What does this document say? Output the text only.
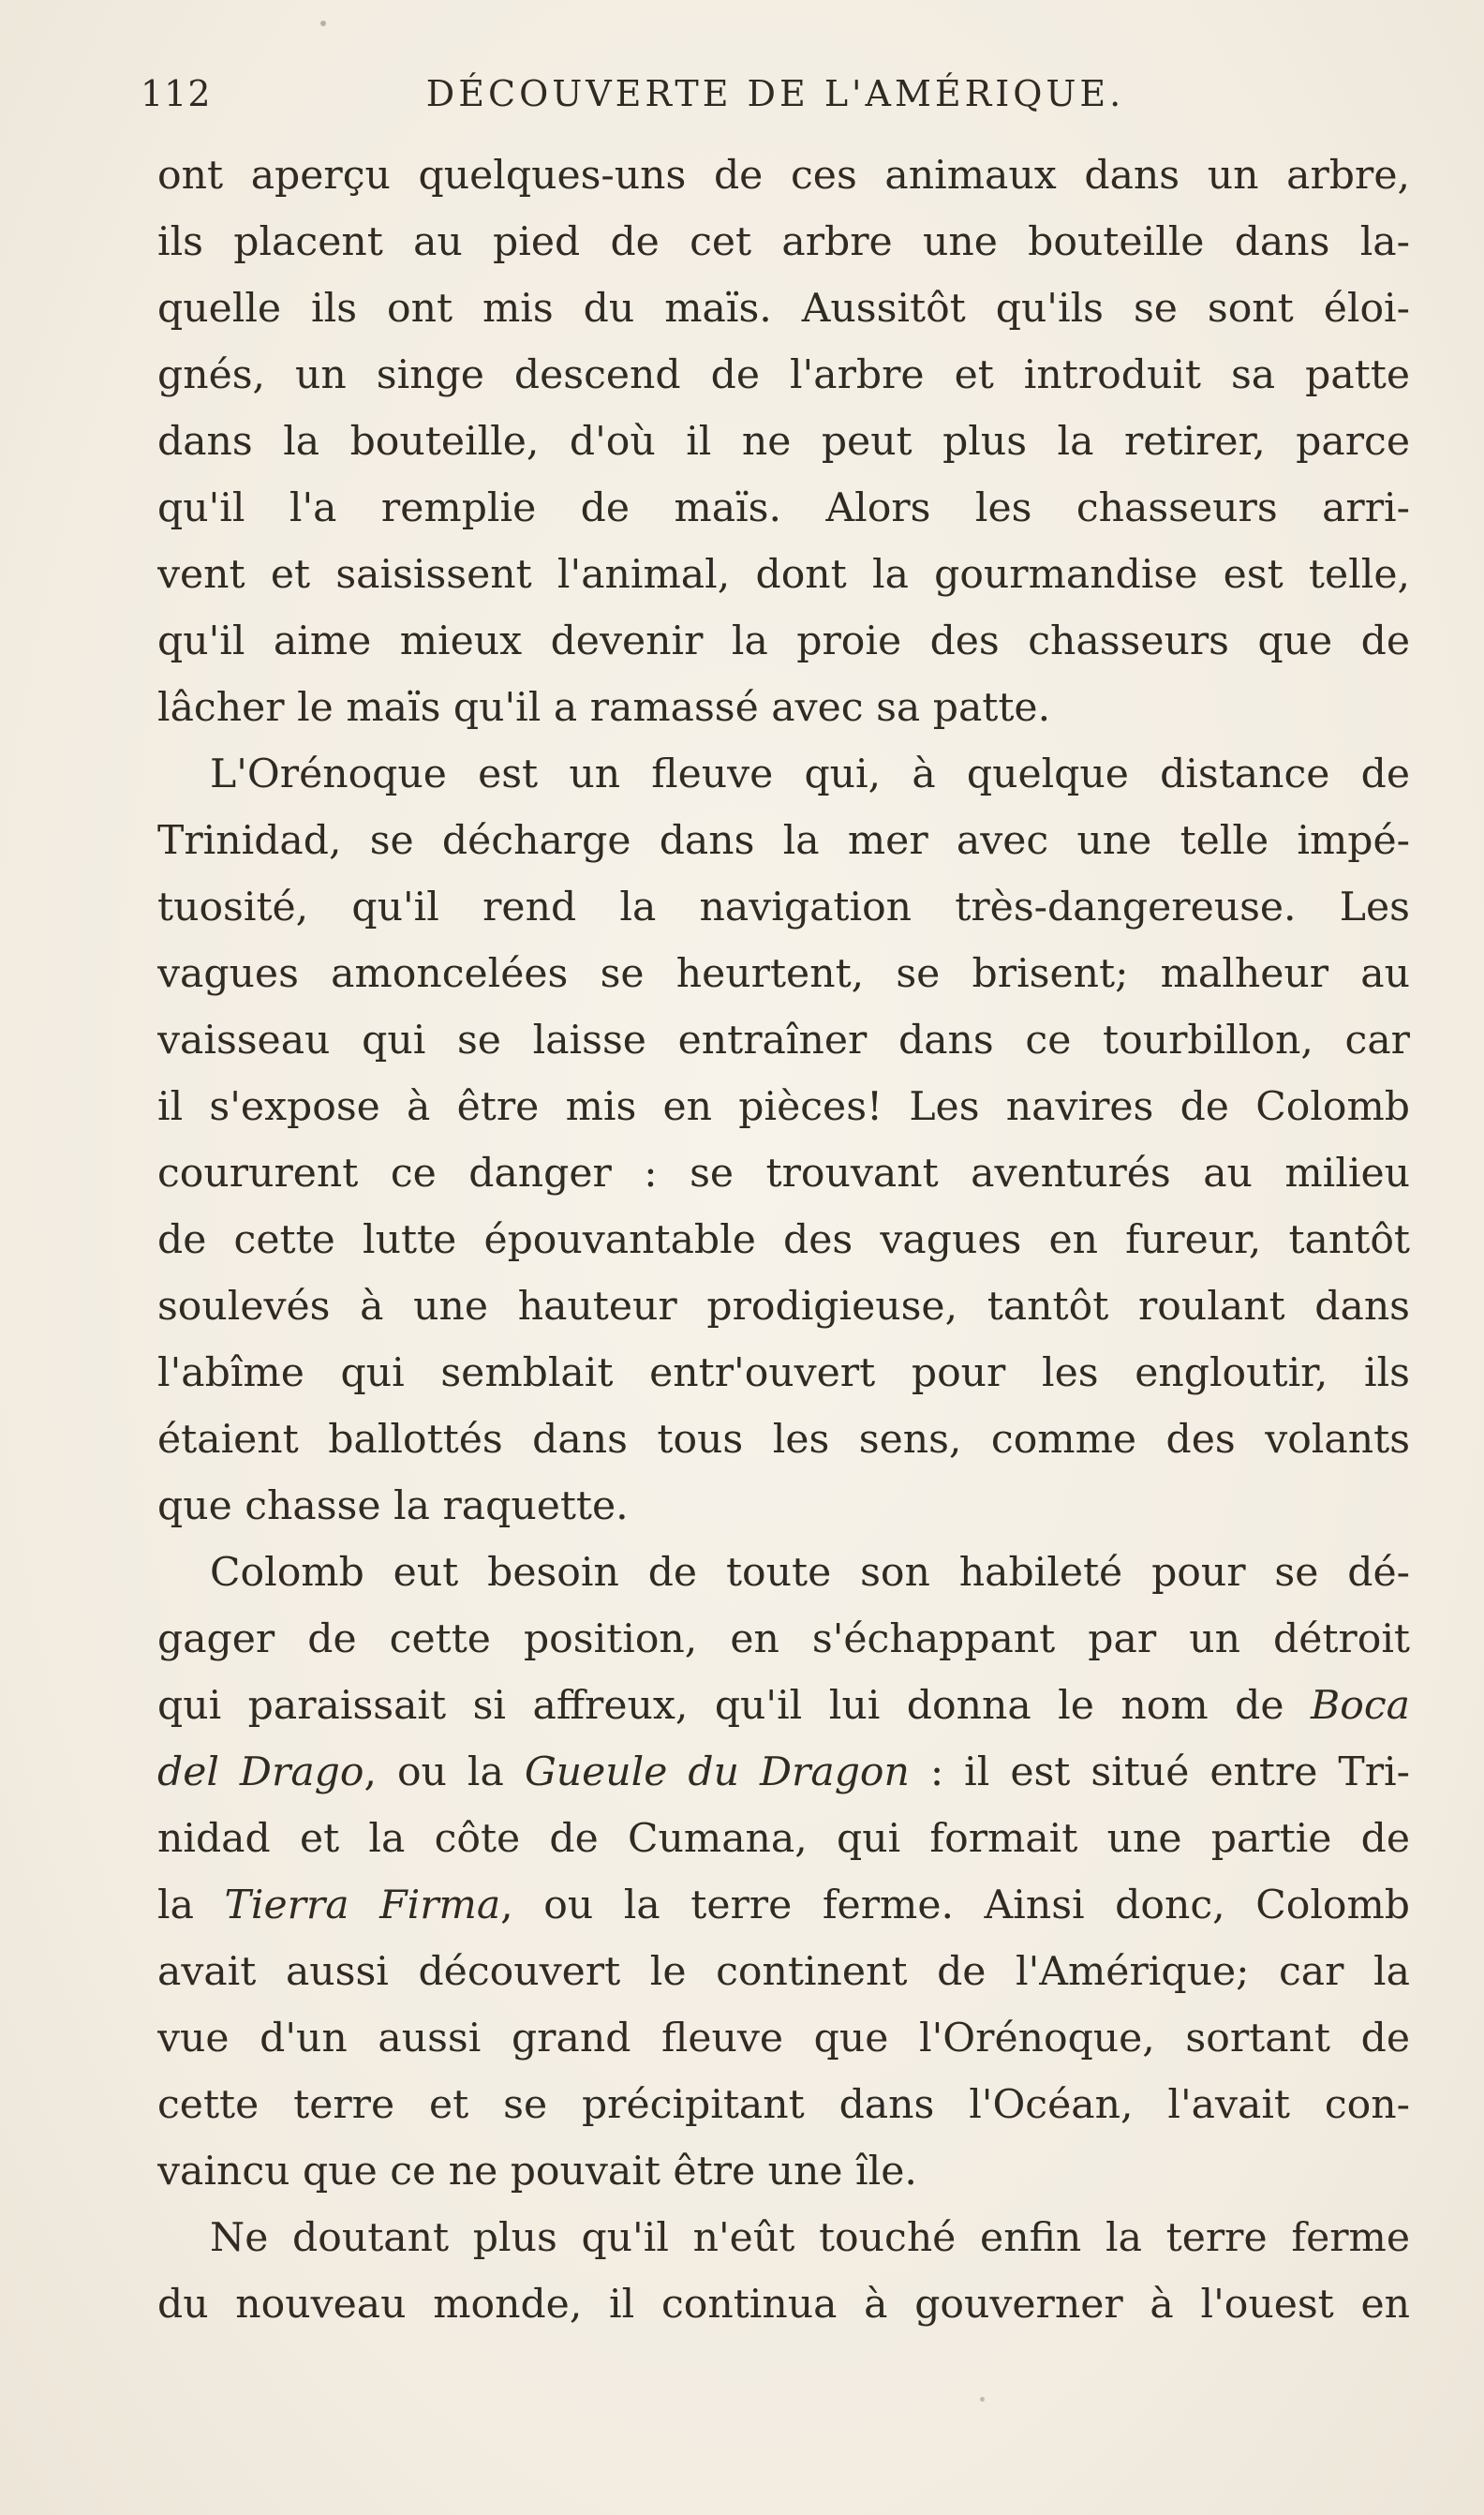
112	DÉCOUVERTE DE L'AMÉRIQUE.
ont aperçu quelques-uns de ces animaux dans un arbre,
ils placent au pied de cet arbre une bouteille dans la-
quelle ils ont mis du maïs. Aussitôt qu'ils se sont éloi-
gnés, un singe descend de l'arbre et introduit sa patte
dans la bouteille, d'où il ne peut plus la retirer, parce
qu'il l'a remplie de maïs. Alors les chasseurs arri-
vent et saisissent l'animal, dont la gourmandise est telle,
qu'il aime mieux devenir la proie des chasseurs que de
lâcher le maïs qu'il a ramassé avec sa patte.
L'Orénoque est un fleuve qui, à quelque distance de
Trinidad, se décharge dans la mer avec une telle impé-
tuosité, qu'il rend la navigation très-dangereuse. Les
vagues amoncelées se heurtent, se brisent; malheur au
vaisseau qui se laisse entraîner dans ce tourbillon, car
il s'expose à être mis en pièces! Les navires de Colomb
coururent ce danger : se trouvant aventurés au milieu
de cette lutte épouvantable des vagues en fureur, tantôt
soulevés à une hauteur prodigieuse, tantôt roulant dans
l'abîme qui semblait entr'ouvert pour les engloutir, ils
étaient ballottés dans tous les sens, comme des volants
que chasse la raquette.
Colomb eut besoin de toute son habileté pour se dé-
gager de cette position, en s'échappant par un détroit
qui paraissait si affreux, qu'il lui donna le nom de Boca
del Drago, ou la Gueule du Dragon : il est situé entre Tri-
nidad et la côte de Cumana, qui formait une partie de
la Tierra Firma, ou la terre ferme. Ainsi donc, Colomb
avait aussi découvert le continent de l'Amérique; car la
vue d'un aussi grand fleuve que l'Orénoque, sortant de
cette terre et se précipitant dans l'Océan, l'avait con-
vaincu que ce ne pouvait être une île.
Ne doutant plus qu'il n'eût touché enfin la terre ferme
du nouveau monde, il continua à gouverner à l'ouest en
